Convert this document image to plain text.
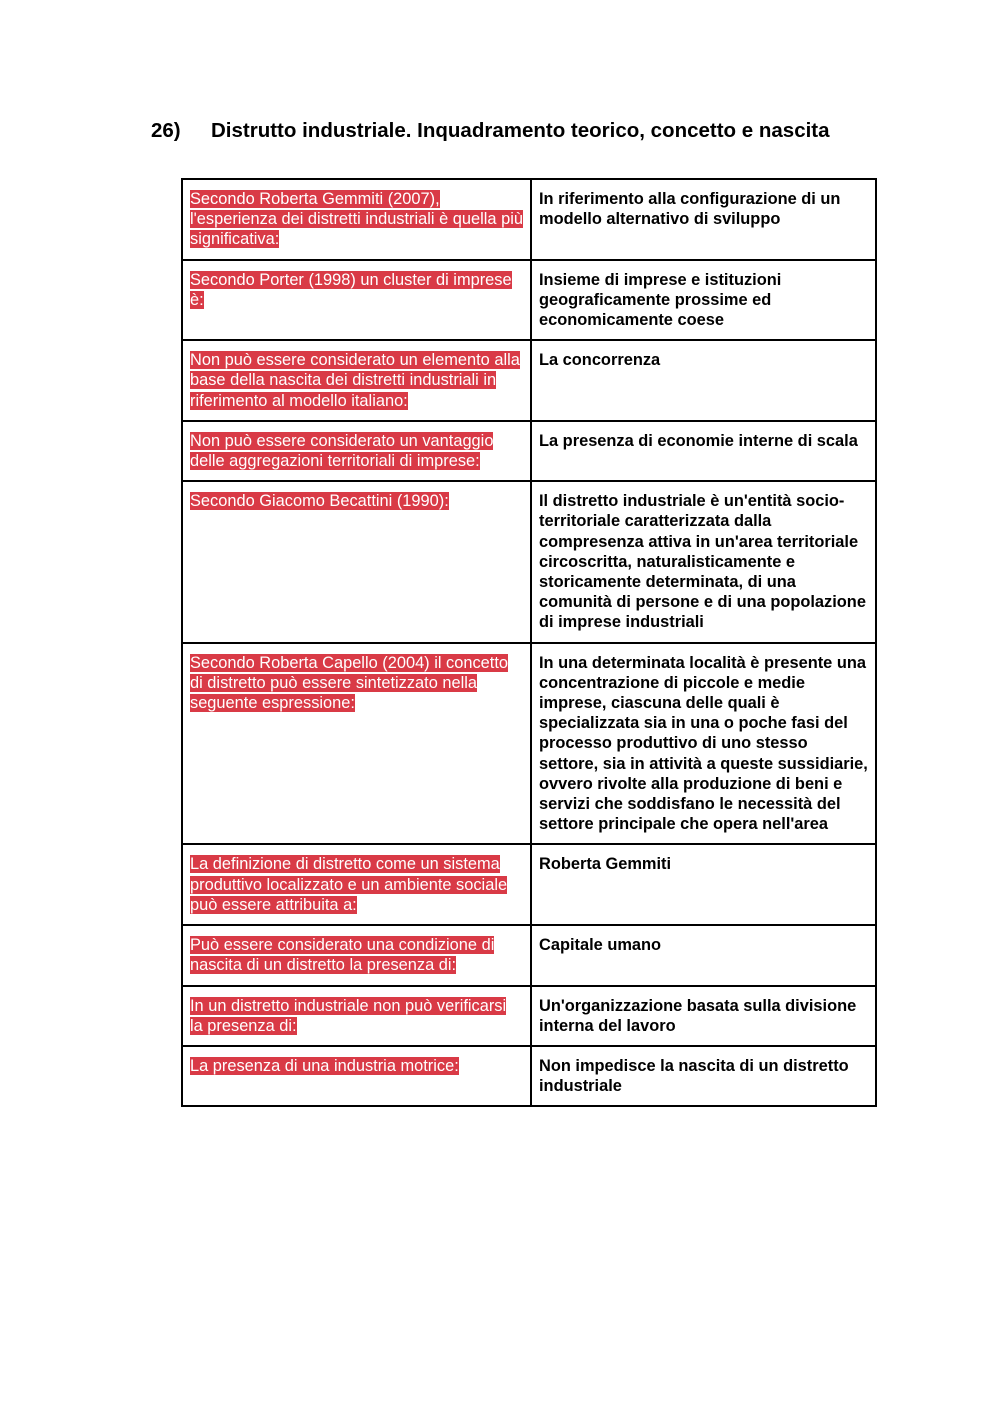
26)	Distrutto industriale. Inquadramento teorico, concetto e nascita
Secondo Roberta Gemmiti (2007), l'esperienza dei distretti industriali è quella più significativa:	In riferimento alla configurazione di un modello alternativo di sviluppo
Secondo Porter (1998) un cluster di imprese è:	Insieme di imprese e istituzioni geograficamente prossime ed economicamente coese
Non può essere considerato un elemento alla base della nascita dei distretti industriali in riferimento al modello italiano:	La concorrenza
Non può essere considerato un vantaggio delle aggregazioni territoriali di imprese:	La presenza di economie interne di scala
Secondo Giacomo Becattini (1990):	Il distretto industriale è un'entità socio-territoriale caratterizzata dalla compresenza attiva in un'area territoriale circoscritta, naturalisticamente e storicamente determinata, di una comunità di persone e di una popolazione di imprese industriali
Secondo Roberta Capello (2004) il concetto di distretto può essere sintetizzato nella seguente espressione:	In una determinata località è presente una concentrazione di piccole e medie imprese, ciascuna delle quali è specializzata sia in una o poche fasi del processo produttivo di uno stesso settore, sia in attività a queste sussidiarie, ovvero rivolte alla produzione di beni e servizi che soddisfano le necessità del settore principale che opera nell'area
La definizione di distretto come un sistema produttivo localizzato e un ambiente sociale può essere attribuita a:	Roberta Gemmiti
Può essere considerato una condizione di nascita di un distretto la presenza di:	Capitale umano
In un distretto industriale non può verificarsi la presenza di:	Un'organizzazione basata sulla divisione interna del lavoro
La presenza di una industria motrice:	Non impedisce la nascita di un distretto industriale
